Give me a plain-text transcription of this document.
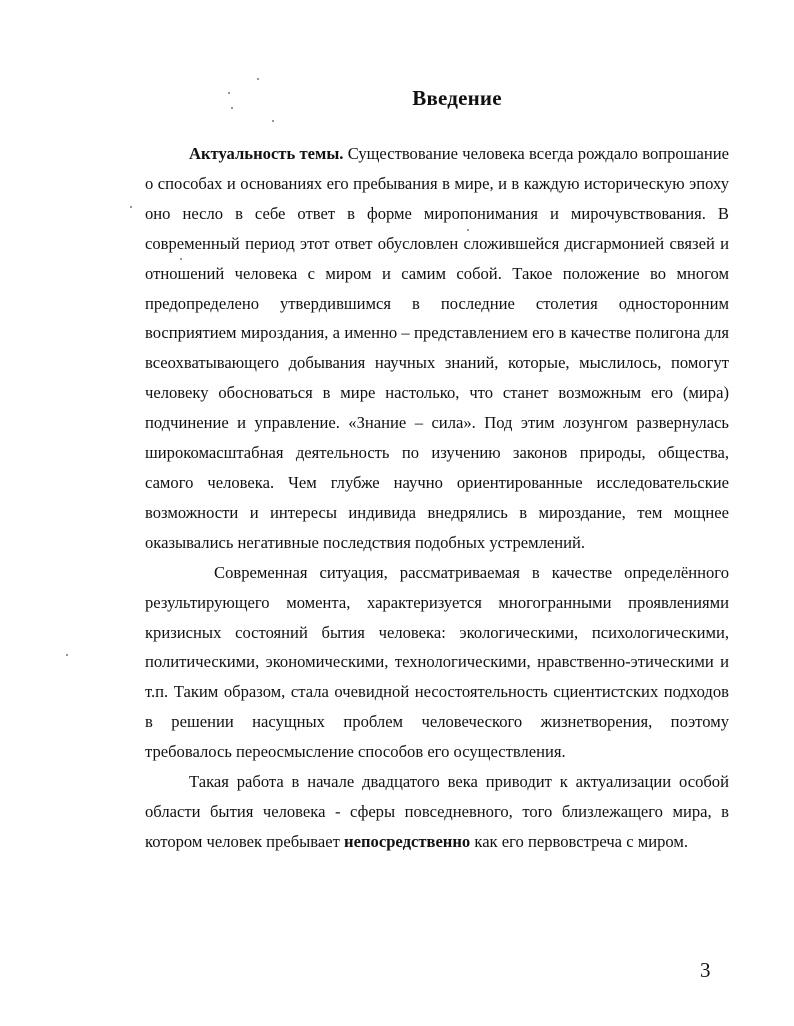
Введение

Актуальность темы. Существование человека всегда рождало вопрошание о способах и основаниях его пребывания в мире, и в каждую историческую эпоху оно несло в себе ответ в форме миропонимания и мирочувствования. В современный период этот ответ обусловлен сложившейся дисгармонией связей и отношений человека с миром и самим собой. Такое положение во многом предопределено утвердившимся в последние столетия односторонним восприятием мироздания, а именно – представлением его в качестве полигона для всеохватывающего добывания научных знаний, которые, мыслилось, помогут человеку обосноваться в мире настолько, что станет возможным его (мира) подчинение и управление. «Знание – сила». Под этим лозунгом развернулась широкомасштабная деятельность по изучению законов природы, общества, самого человека. Чем глубже научно ориентированные исследовательские возможности и интересы индивида внедрялись в мироздание, тем мощнее оказывались негативные последствия подобных устремлений.

Современная ситуация, рассматриваемая в качестве определённого результирующего момента, характеризуется многогранными проявлениями кризисных состояний бытия человека: экологическими, психологическими, политическими, экономическими, технологическими, нравственно-этическими и т.п. Таким образом, стала очевидной несостоятельность сциентистских подходов в решении насущных проблем человеческого жизнетворения, поэтому требовалось переосмысление способов его осуществления.

Такая работа в начале двадцатого века приводит к актуализации особой области бытия человека - сферы повседневного, того близлежащего мира, в котором человек пребывает непосредственно как его первовстреча с миром.

3
